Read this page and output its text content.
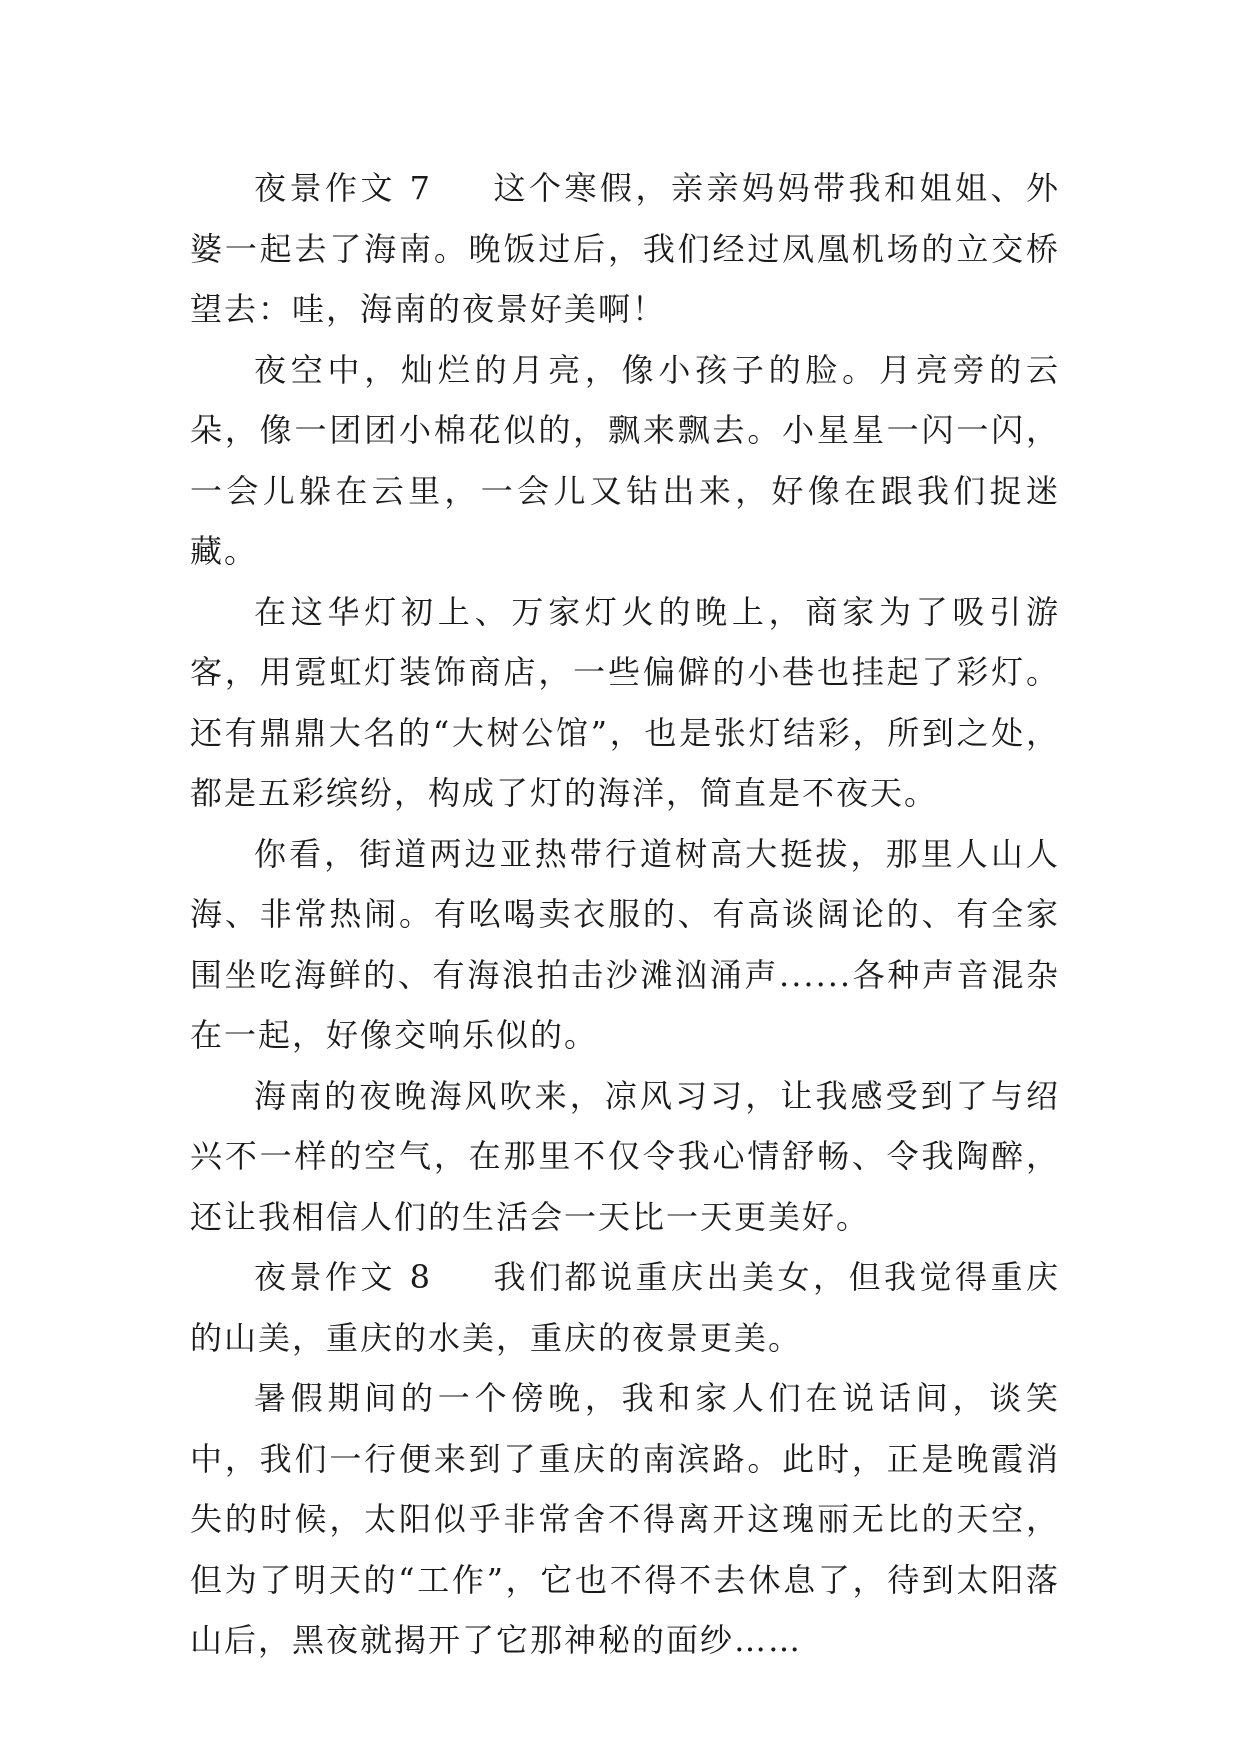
夜景作文 7 这个寒假，亲亲妈妈带我和姐姐、外婆一起去了海南。晚饭过后，我们经过凤凰机场的立交桥望去：哇，海南的夜景好美啊！

夜空中，灿烂的月亮，像小孩子的脸。月亮旁的云朵，像一团团小棉花似的，飘来飘去。小星星一闪一闪，一会儿躲在云里，一会儿又钻出来，好像在跟我们捉迷藏。

在这华灯初上、万家灯火的晚上，商家为了吸引游客，用霓虹灯装饰商店，一些偏僻的小巷也挂起了彩灯。还有鼎鼎大名的“大树公馆”，也是张灯结彩，所到之处，都是五彩缤纷，构成了灯的海洋，简直是不夜天。

你看，街道两边亚热带行道树高大挺拔，那里人山人海、非常热闹。有吆喝卖衣服的、有高谈阔论的、有全家围坐吃海鲜的、有海浪拍击沙滩汹涌声......各种声音混杂在一起，好像交响乐似的。

海南的夜晚海风吹来，凉风习习，让我感受到了与绍兴不一样的空气，在那里不仅令我心情舒畅、令我陶醉，还让我相信人们的生活会一天比一天更美好。

夜景作文 8 我们都说重庆出美女，但我觉得重庆的山美，重庆的水美，重庆的夜景更美。

暑假期间的一个傍晚，我和家人们在说话间，谈笑中，我们一行便来到了重庆的南滨路。此时，正是晚霞消失的时候，太阳似乎非常舍不得离开这瑰丽无比的天空，但为了明天的“工作”，它也不得不去休息了，待到太阳落山后，黑夜就揭开了它那神秘的面纱……
